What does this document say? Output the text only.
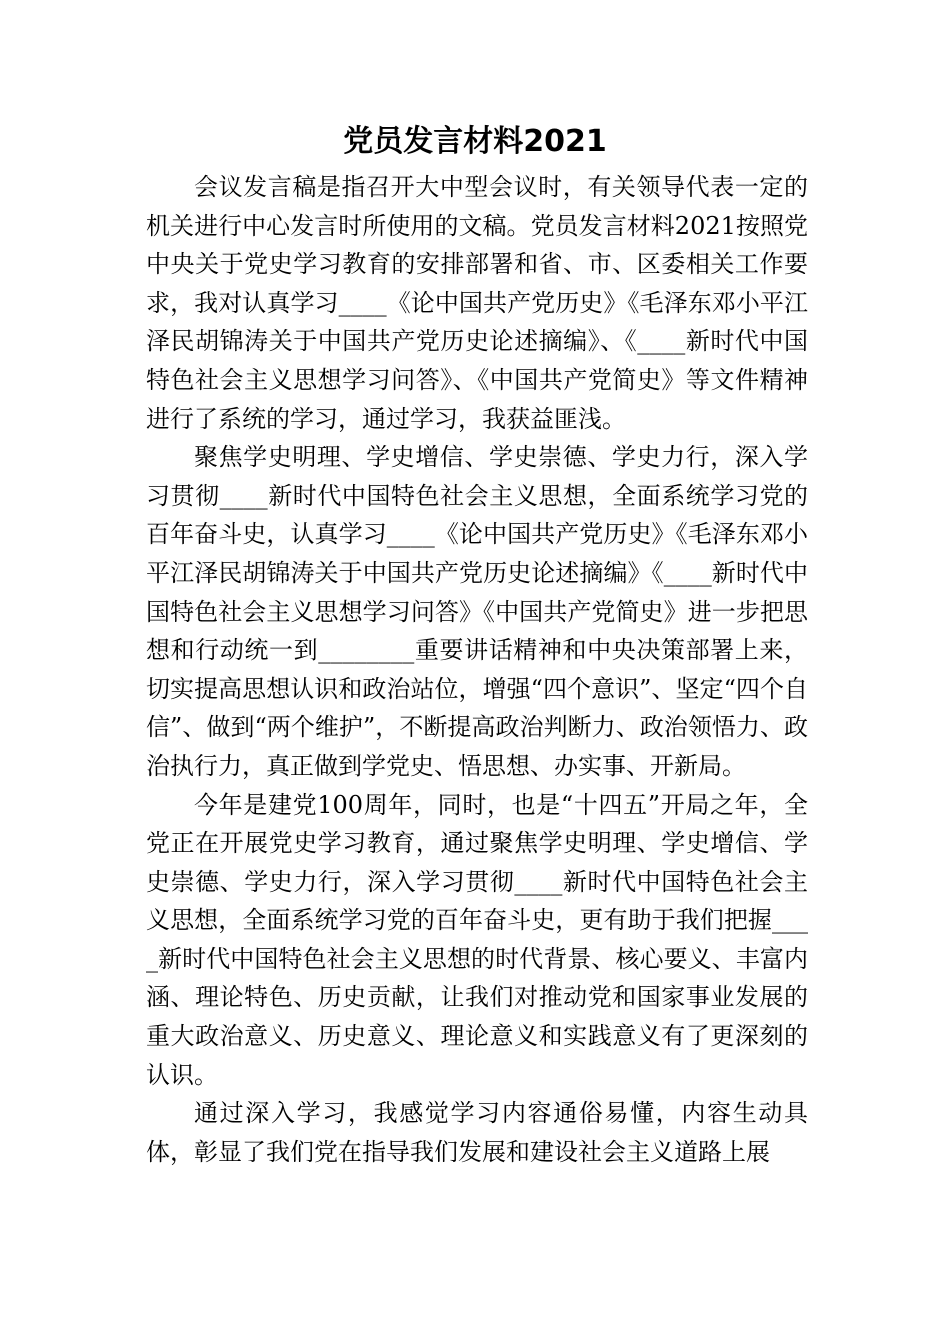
党员发言材料2021

会议发言稿是指召开大中型会议时，有关领导代表一定的机关进行中心发言时所使用的文稿。党员发言材料2021按照党中央关于党史学习教育的安排部署和省、市、区委相关工作要求，我对认真学习____《论中国共产党历史》《毛泽东邓小平江泽民胡锦涛关于中国共产党历史论述摘编》、《____新时代中国特色社会主义思想学习问答》、《中国共产党简史》等文件精神进行了系统的学习，通过学习，我获益匪浅。

聚焦学史明理、学史增信、学史崇德、学史力行，深入学习贯彻____新时代中国特色社会主义思想，全面系统学习党的百年奋斗史，认真学习____《论中国共产党历史》《毛泽东邓小平江泽民胡锦涛关于中国共产党历史论述摘编》《____新时代中国特色社会主义思想学习问答》《中国共产党简史》进一步把思想和行动统一到________重要讲话精神和中央决策部署上来，切实提高思想认识和政治站位，增强“四个意识”、坚定“四个自信”、做到“两个维护”，不断提高政治判断力、政治领悟力、政治执行力，真正做到学党史、悟思想、办实事、开新局。

今年是建党100周年，同时，也是“十四五”开局之年，全党正在开展党史学习教育，通过聚焦学史明理、学史增信、学史崇德、学史力行，深入学习贯彻____新时代中国特色社会主义思想，全面系统学习党的百年奋斗史，更有助于我们把握____新时代中国特色社会主义思想的时代背景、核心要义、丰富内涵、理论特色、历史贡献，让我们对推动党和国家事业发展的重大政治意义、历史意义、理论意义和实践意义有了更深刻的认识。

通过深入学习，我感觉学习内容通俗易懂，内容生动具体，彰显了我们党在指导我们发展和建设社会主义道路上展
